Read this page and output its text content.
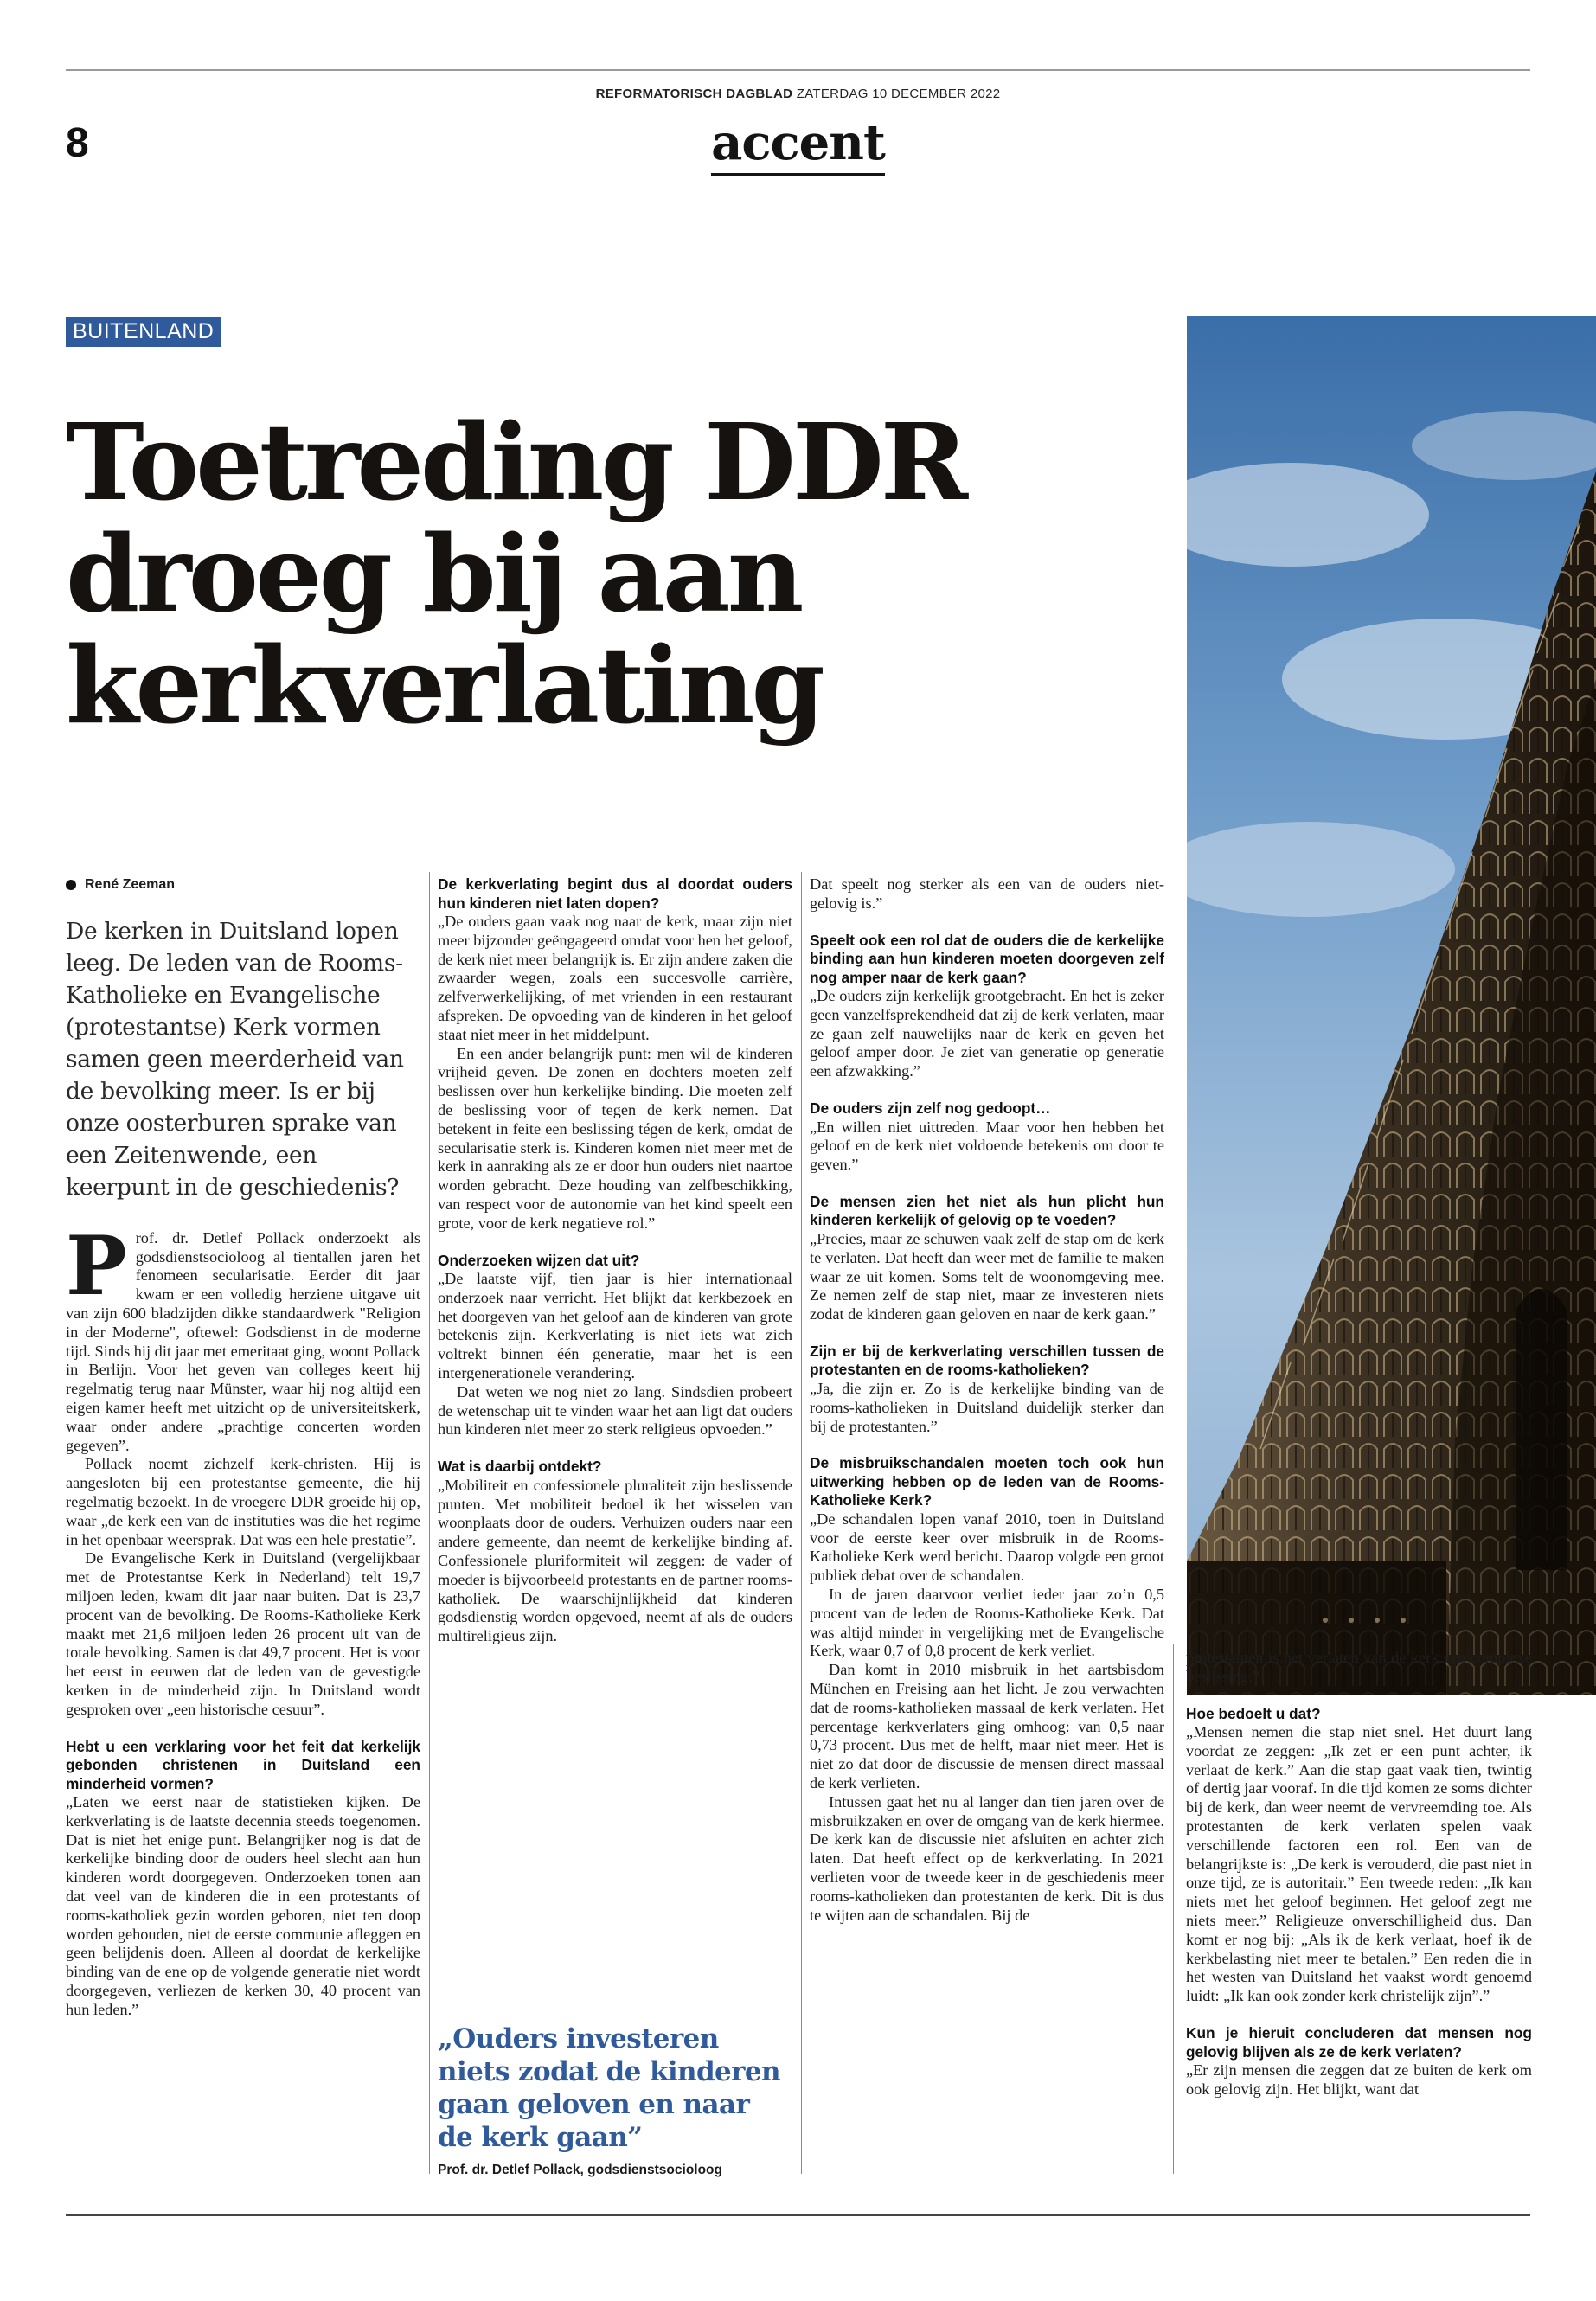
REFORMATORISCH DAGBLAD ZATERDAG 10 DECEMBER 2022
8	accent
BUITENLAND
Toetreding DDR
droeg bij aan
kerkverlating
René Zeeman
De kerken in Duitsland lopen leeg. De leden van de Rooms-Katholieke en Evangelische (protestantse) Kerk vormen samen geen meerderheid van de bevolking meer. Is er bij onze oosterburen sprake van een Zeitenwende, een keerpunt in de geschiedenis?

Prof. dr. Detlef Pollack onderzoekt als godsdienstsocioloog al tientallen jaren het fenomeen secularisatie. Eerder dit jaar kwam er een volledig herziene uitgave uit van zijn 600 bladzijden dikke standaardwerk "Religion in der Moderne", oftewel: Godsdienst in de moderne tijd. Sinds hij dit jaar met emeritaat ging, woont Pollack in Berlijn. Voor het geven van colleges keert hij regelmatig terug naar Münster, waar hij nog altijd een eigen kamer heeft met uitzicht op de universiteitskerk, waar onder andere „prachtige concerten worden gegeven”.

Pollack noemt zichzelf kerk-christen. Hij is aangesloten bij een protestantse gemeente, die hij regelmatig bezoekt. In de vroegere DDR groeide hij op, waar „de kerk een van de instituties was die het regime in het openbaar weersprak. Dat was een hele prestatie”.

De Evangelische Kerk in Duitsland (vergelijkbaar met de Protestantse Kerk in Nederland) telt 19,7 miljoen leden, kwam dit jaar naar buiten. Dat is 23,7 procent van de bevolking. De Rooms-Katholieke Kerk maakt met 21,6 miljoen leden 26 procent uit van de totale bevolking. Samen is dat 49,7 procent. Het is voor het eerst in eeuwen dat de leden van de gevestigde kerken in de minderheid zijn. In Duitsland wordt gesproken over „een historische cesuur”.

Hebt u een verklaring voor het feit dat kerkelijk gebonden christenen in Duitsland een minderheid vormen?

„Laten we eerst naar de statistieken kijken. De kerkverlating is de laatste decennia steeds toegenomen. Dat is niet het enige punt. Belangrijker nog is dat de kerkelijke binding door de ouders heel slecht aan hun kinderen wordt doorgegeven. Onderzoeken tonen aan dat veel van de kinderen die in een protestants of rooms-katholiek gezin worden geboren, niet ten doop worden gehouden, niet de eerste communie afleggen en geen belijdenis doen. Alleen al doordat de kerkelijke binding van de ene op de volgende generatie niet wordt doorgegeven, verliezen de kerken 30, 40 procent van hun leden.”

De kerkverlating begint dus al doordat ouders hun kinderen niet laten dopen?

„De ouders gaan vaak nog naar de kerk, maar zijn niet meer bijzonder geëngageerd omdat voor hen het geloof, de kerk niet meer belangrijk is. Er zijn andere zaken die zwaarder wegen, zoals een succesvolle carrière, zelfverwerkelijking, of met vrienden in een restaurant afspreken. De opvoeding van de kinderen in het geloof staat niet meer in het middelpunt.

En een ander belangrijk punt: men wil de kinderen vrijheid geven. De zonen en dochters moeten zelf beslissen over hun kerkelijke binding. Die moeten zelf de beslissing voor of tegen de kerk nemen. Dat betekent in feite een beslissing tégen de kerk, omdat de secularisatie sterk is. Kinderen komen niet meer met de kerk in aanraking als ze er door hun ouders niet naartoe worden gebracht. Deze houding van zelfbeschikking, van respect voor de autonomie van het kind speelt een grote, voor de kerk negatieve rol.”

Onderzoeken wijzen dat uit?

„De laatste vijf, tien jaar is hier internationaal onderzoek naar verricht. Het blijkt dat kerkbezoek en het doorgeven van het geloof aan de kinderen van grote betekenis zijn. Kerkverlating is niet iets wat zich voltrekt binnen één generatie, maar het is een intergenerationele verandering.

Dat weten we nog niet zo lang. Sindsdien probeert de wetenschap uit te vinden waar het aan ligt dat ouders hun kinderen niet meer zo sterk religieus opvoeden.”

Wat is daarbij ontdekt?

„Mobiliteit en confessionele pluraliteit zijn beslissende punten. Met mobiliteit bedoel ik het wisselen van woonplaats door de ouders. Verhuizen ouders naar een andere gemeente, dan neemt de kerkelijke binding af. Confessionele pluriformiteit wil zeggen: de vader of moeder is bijvoorbeeld protestants en de partner rooms-katholiek. De waarschijnlijkheid dat kinderen godsdienstig worden opgevoed, neemt af als de ouders multireligieus zijn.

„Ouders investeren niets zodat de kinderen gaan geloven en naar de kerk gaan”
Prof. dr. Detlef Pollack, godsdienstsocioloog

Dat speelt nog sterker als een van de ouders niet-gelovig is.”

Speelt ook een rol dat de ouders die de kerkelijke binding aan hun kinderen moeten doorgeven zelf nog amper naar de kerk gaan?

„De ouders zijn kerkelijk grootgebracht. En het is zeker geen vanzelfsprekendheid dat zij de kerk verlaten, maar ze gaan zelf nauwelijks naar de kerk en geven het geloof amper door. Je ziet van generatie op generatie een afzwakking.”

De ouders zijn zelf nog gedoopt…

„En willen niet uittreden. Maar voor hen hebben het geloof en de kerk niet voldoende betekenis om door te geven.”

De mensen zien het niet als hun plicht hun kinderen kerkelijk of gelovig op te voeden?

„Precies, maar ze schuwen vaak zelf de stap om de kerk te verlaten. Dat heeft dan weer met de familie te maken waar ze uit komen. Soms telt de woonomgeving mee. Ze nemen zelf de stap niet, maar ze investeren niets zodat de kinderen gaan geloven en naar de kerk gaan.”

Zijn er bij de kerkverlating verschillen tussen de protestanten en de rooms-katholieken?

„Ja, die zijn er. Zo is de kerkelijke binding van de rooms-katholieken in Duitsland duidelijk sterker dan bij de protestanten.”

De misbruikschandalen moeten toch ook hun uitwerking hebben op de leden van de Rooms-Katholieke Kerk?

„De schandalen lopen vanaf 2010, toen in Duitsland voor de eerste keer over misbruik in de Rooms-Katholieke Kerk werd bericht. Daarop volgde een groot publiek debat over de schandalen.

In de jaren daarvoor verliet ieder jaar zo’n 0,5 procent van de leden de Rooms-Katholieke Kerk. Dat was altijd minder in vergelijking met de Evangelische Kerk, waar 0,7 of 0,8 procent de kerk verliet.

Dan komt in 2010 misbruik in het aartsbisdom München en Freising aan het licht. Je zou verwachten dat de rooms-katholieken massaal de kerk verlaten. Het percentage kerkverlaters ging omhoog: van 0,5 naar 0,73 procent. Dus met de helft, maar niet meer. Het is niet zo dat door de discussie de mensen direct massaal de kerk verlieten.

Intussen gaat het nu al langer dan tien jaren over de misbruikzaken en over de omgang van de kerk hiermee. De kerk kan de discussie niet afsluiten en achter zich laten. Dat heeft effect op de kerkverlating. In 2021 verlieten voor de tweede keer in de geschiedenis meer rooms-katholieken dan protestanten de kerk. Dit is dus te wijten aan de schandalen. Bij de

protestanten is het verlaten van de kerk een complexe beslissing.”

Hoe bedoelt u dat?

„Mensen nemen die stap niet snel. Het duurt lang voordat ze zeggen: „Ik zet er een punt achter, ik verlaat de kerk.” Aan die stap gaat vaak tien, twintig of dertig jaar vooraf. In die tijd komen ze soms dichter bij de kerk, dan weer neemt de vervreemding toe. Als protestanten de kerk verlaten spelen vaak verschillende factoren een rol. Een van de belangrijkste is: „De kerk is verouderd, die past niet in onze tijd, ze is autoritair.” Een tweede reden: „Ik kan niets met het geloof beginnen. Het geloof zegt me niets meer.” Religieuze onverschilligheid dus. Dan komt er nog bij: „Als ik de kerk verlaat, hoef ik de kerkbelasting niet meer te betalen.” Een reden die in het westen van Duitsland het vaakst wordt genoemd luidt: „Ik kan ook zonder kerk christelijk zijn”.”

Kun je hieruit concluderen dat mensen nog gelovig blijven als ze de kerk verlaten?

„Er zijn mensen die zeggen dat ze buiten de kerk om ook gelovig zijn. Het blijkt, want dat
